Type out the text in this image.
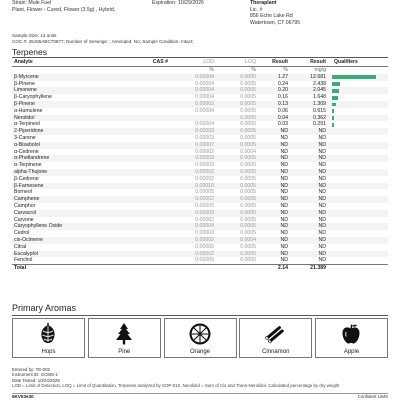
Strain: Mule Fuel
Plant, Flower - Cured, Flower (3.5g) , Hybrid,
Expiration: 10/29/2026	Theraplant
Lic. #
856 Echo Lake Rd
Watertown, CT 06795
Sample Size: 13 units
COC #: 25155ABC70877; Number of Servings: ; Amended: No; Sample Condition: Intact;
Terpenes
Analyte	CAS #	LOD	LOQ	Result	Result	Qualifiers
		%	%	%	mg/g	
β-Myrcene		0.00004	0.0005	1.27	12.681	

β-Pinene		0.00004	0.0005	0.24	2.438	

Limonene		0.00004	0.0005	0.20	2.045	

β-Caryophyllene		0.00004	0.0005	0.16	1.648	

β-Pinene		0.00002	0.0005	0.13	1.309	

α-Humulene		0.00004	0.0005	0.06	0.615	

Nerolidol			0.0005	0.04	0.362	

α-Terpineol		0.00004	0.0005	0.03	0.291	

2-Piperidone		0.00003	0.0005	ND	ND	
3-Carene		0.00003	0.0005	ND	ND	
α-Bisabolol		0.00007	0.0005	ND	ND	
α-Cedrene		0.00002	0.0004	ND	ND	
α-Phellandrene		0.00003	0.0005	ND	ND	
α-Terpinene		0.00003	0.0005	ND	ND	
alpha-Thujone		0.00002	0.0005	ND	ND	
β-Cedrene		0.00002	0.0005	ND	ND	
β-Farnesene		0.00010	0.0005	ND	ND	
Borneol		0.00005	0.0005	ND	ND	
Camphene		0.00002	0.0005	ND	ND	
Camphor		0.00005	0.0005	ND	ND	
Carvacrol		0.00003	0.0005	ND	ND	
Carvone		0.00002	0.0005	ND	ND	
Caryophyllene Oxide		0.00004	0.0005	ND	ND	
Cedrol		0.00003	0.0005	ND	ND	
cis-Ocimene		0.00002	0.0004	ND	ND	
Citral		0.00005	0.0005	ND	ND	
Eucalyptol		0.00002	0.0005	ND	ND	
Fenchol		0.00005	0.0005	ND	ND	
Total				2.14	21.389	
Primary Aromas
Hops	Pine	Orange	Cinnamon	Apple
Entered by: TE-002
Instrument ID: GCMS-1
Date Tested: 10/24/2025
LOD = Limit of Detection, LOQ = Limit of Quantitation. Terpenes analyzed by SOP-010. Nerolidol = Sum of Cis and Trans-Nerolidol. Calculated percentage by dry weight
5KV53e30	Confident LIMS
